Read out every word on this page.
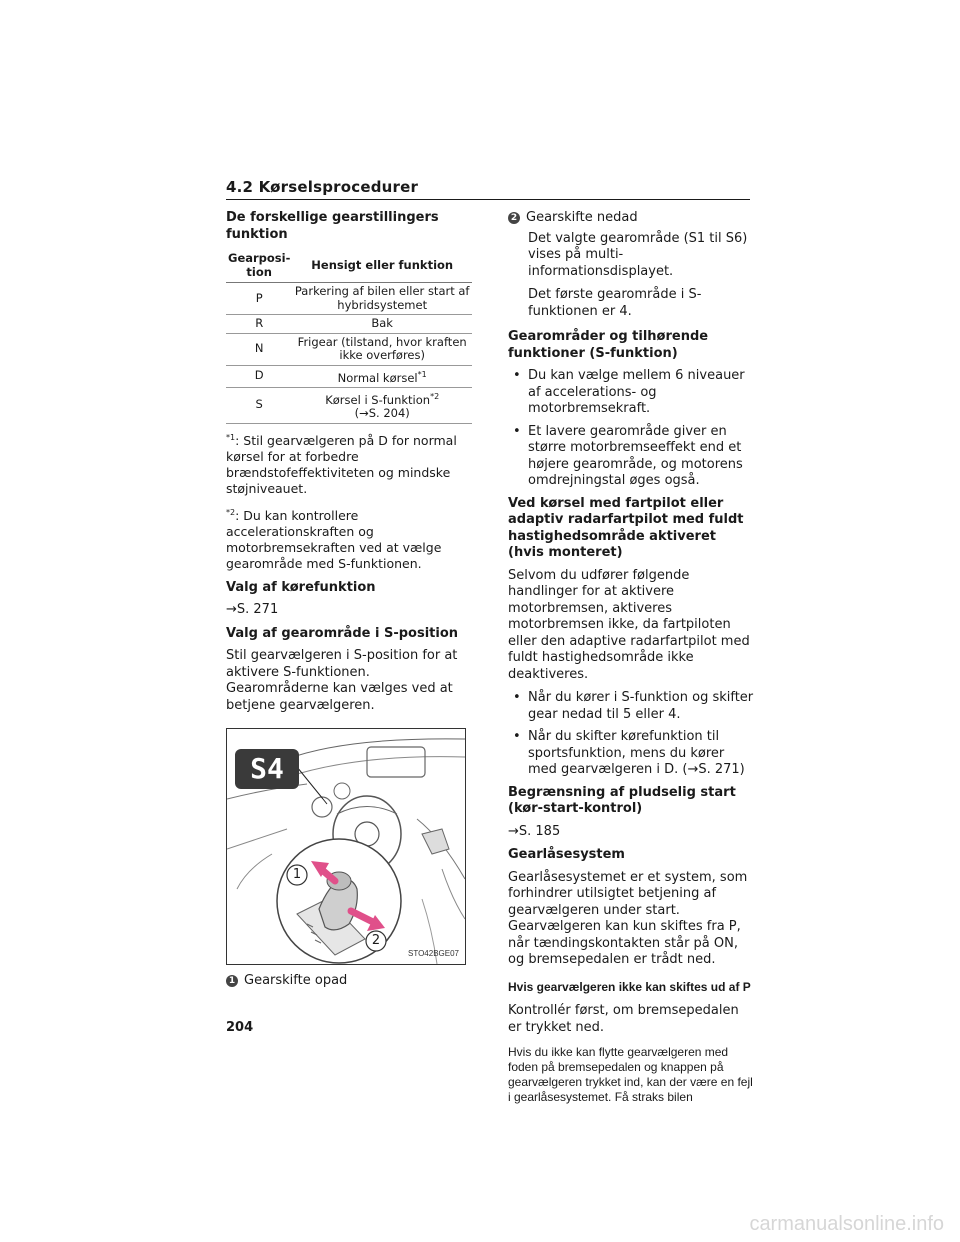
4.2 Kørselsprocedurer
De forskellige gearstillingers funktion
Gearposi-tion	Hensigt eller funktion
P	Parkering af bilen eller start af hybridsystemet
R	Bak
N	Frigear (tilstand, hvor kraften ikke overføres)
D	Normal kørsel$^{*1}$
S	Kørsel i S-funktion$^{*2}$
(→S. 204)
$^{*1}$: Stil gearvælgeren på D for normal kørsel for at forbedre brændstofeffektiviteten og mindske støjniveauet.
$^{*2}$: Du kan kontrollere accelerationskraften og motorbremsekraften ved at vælge gearområde med S-funktionen.
Valg af kørefunktion
→S. 271
Valg af gearområde i S-position
Stil gearvælgeren i S-position for at aktivere S-funktionen. Gearområderne kan vælges ved at betjene gearvælgeren.
S4
1
2
STO42BGE07
1 Gearskifte opad
2 Gearskifte nedad
Det valgte gearområde (S1 til S6) vises på multi-informationsdisplayet.
Det første gearområde i S-funktionen er 4.
Gearområder og tilhørende funktioner (S-funktion)
• Du kan vælge mellem 6 niveauer af accelerations- og motorbremsekraft.
• Et lavere gearområde giver en større motorbremseeffekt end et højere gearområde, og motorens omdrejningstal øges også.
Ved kørsel med fartpilot eller adaptiv radarfartpilot med fuldt hastighedsområde aktiveret (hvis monteret)
Selvom du udfører følgende handlinger for at aktivere motorbremsen, aktiveres motorbremsen ikke, da fartpiloten eller den adaptive radarfartpilot med fuldt hastighedsområde ikke deaktiveres.
• Når du kører i S-funktion og skifter gear nedad til 5 eller 4.
• Når du skifter kørefunktion til sportsfunktion, mens du kører med gearvælgeren i D. (→S. 271)
Begrænsning af pludselig start (kør-start-kontrol)
→S. 185
Gearlåsesystem
Gearlåsesystemet er et system, som forhindrer utilsigtet betjening af gearvælgeren under start. Gearvælgeren kan kun skiftes fra P, når tændingskontakten står på ON, og bremsepedalen er trådt ned.
Hvis gearvælgeren ikke kan skiftes ud af P
Kontrollér først, om bremsepedalen er trykket ned.
Hvis du ikke kan flytte gearvælgeren med foden på bremsepedalen og knappen på gearvælgeren trykket ind, kan der være en fejl i gearlåsesystemet. Få straks bilen
204
carmanualsonline.info
